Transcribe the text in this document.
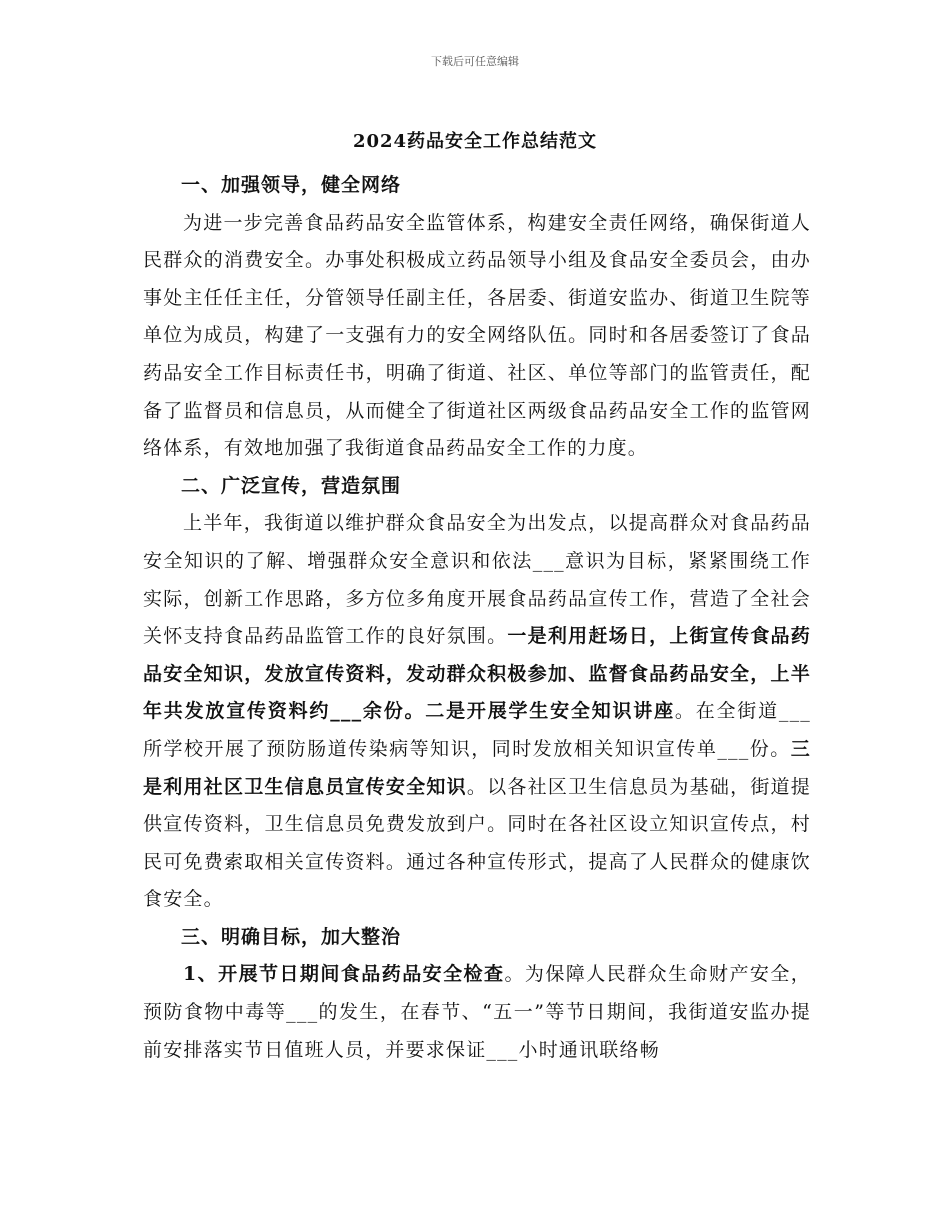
下载后可任意编辑
2024药品安全工作总结范文

一、加强领导，健全网络

为进一步完善食品药品安全监管体系，构建安全责任网络，确保街道人民群众的消费安全。办事处积极成立药品领导小组及食品安全委员会，由办事处主任任主任，分管领导任副主任，各居委、街道安监办、街道卫生院等单位为成员，构建了一支强有力的安全网络队伍。同时和各居委签订了食品药品安全工作目标责任书，明确了街道、社区、单位等部门的监管责任，配备了监督员和信息员，从而健全了街道社区两级食品药品安全工作的监管网络体系，有效地加强了我街道食品药品安全工作的力度。

二、广泛宣传，营造氛围

上半年，我街道以维护群众食品安全为出发点，以提高群众对食品药品安全知识的了解、增强群众安全意识和依法___意识为目标，紧紧围绕工作实际，创新工作思路，多方位多角度开展食品药品宣传工作，营造了全社会关怀支持食品药品监管工作的良好氛围。一是利用赶场日，上街宣传食品药品安全知识，发放宣传资料，发动群众积极参加、监督食品药品安全，上半年共发放宣传资料约___余份。二是开展学生安全知识讲座。在全街道___所学校开展了预防肠道传染病等知识，同时发放相关知识宣传单___份。三是利用社区卫生信息员宣传安全知识。以各社区卫生信息员为基础，街道提供宣传资料，卫生信息员免费发放到户。同时在各社区设立知识宣传点，村民可免费索取相关宣传资料。通过各种宣传形式，提高了人民群众的健康饮食安全。

三、明确目标，加大整治

1、开展节日期间食品药品安全检查。为保障人民群众生命财产安全，预防食物中毒等___的发生，在春节、“五一”等节日期间，我街道安监办提前安排落实节日值班人员，并要求保证___小时通讯联络畅
